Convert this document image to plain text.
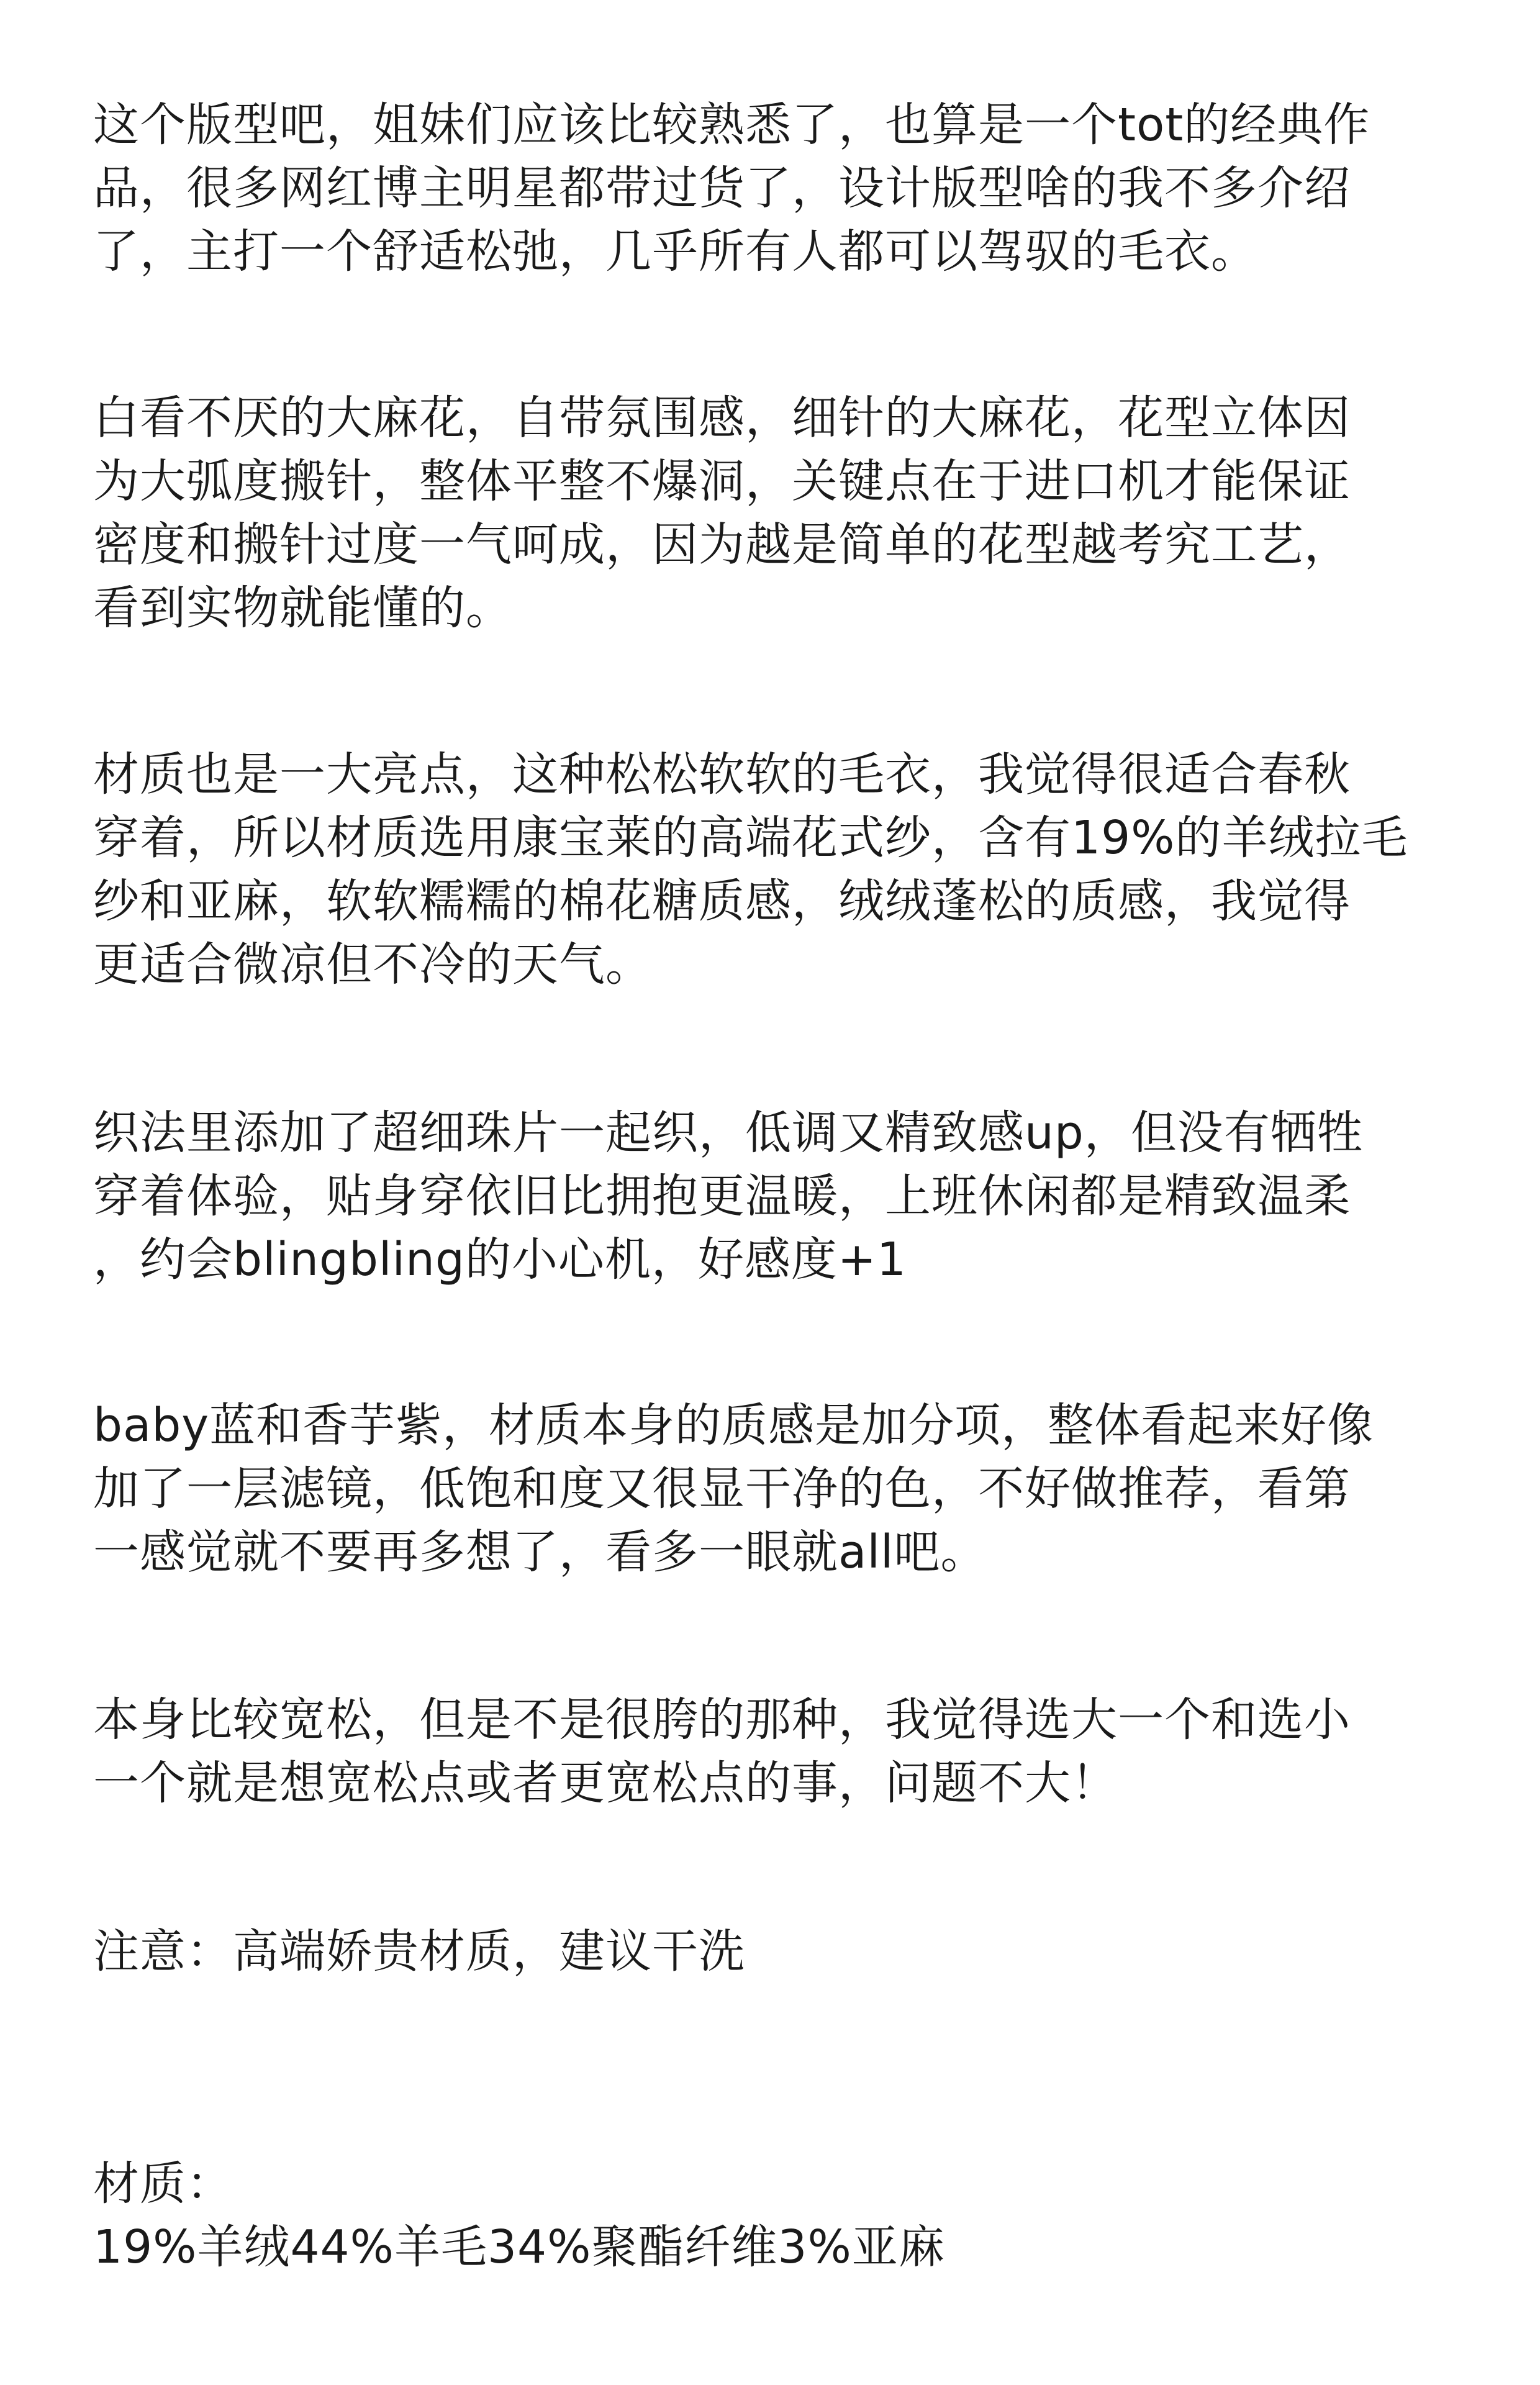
这个版型吧，姐妹们应该比较熟悉了，也算是一个tot的经典作
品，很多网红博主明星都带过货了，设计版型啥的我不多介绍
了，主打一个舒适松弛，几乎所有人都可以驾驭的毛衣。
白看不厌的大麻花，自带氛围感，细针的大麻花，花型立体因
为大弧度搬针，整体平整不爆洞，关键点在于进口机才能保证
密度和搬针过度一气呵成，因为越是简单的花型越考究工艺，
看到实物就能懂的。
材质也是一大亮点，这种松松软软的毛衣，我觉得很适合春秋
穿着，所以材质选用康宝莱的高端花式纱，含有19%的羊绒拉毛
纱和亚麻，软软糯糯的棉花糖质感，绒绒蓬松的质感，我觉得
更适合微凉但不冷的天气。
织法里添加了超细珠片一起织，低调又精致感up，但没有牺牲
穿着体验，贴身穿依旧比拥抱更温暖，上班休闲都是精致温柔
，约会blingbling的小心机，好感度+1
baby蓝和香芋紫，材质本身的质感是加分项，整体看起来好像
加了一层滤镜，低饱和度又很显干净的色，不好做推荐，看第
一感觉就不要再多想了，看多一眼就all吧。
本身比较宽松，但是不是很胯的那种，我觉得选大一个和选小
一个就是想宽松点或者更宽松点的事，问题不大！
注意：高端娇贵材质，建议干洗
材质：
19%羊绒44%羊毛34%聚酯纤维3%亚麻
